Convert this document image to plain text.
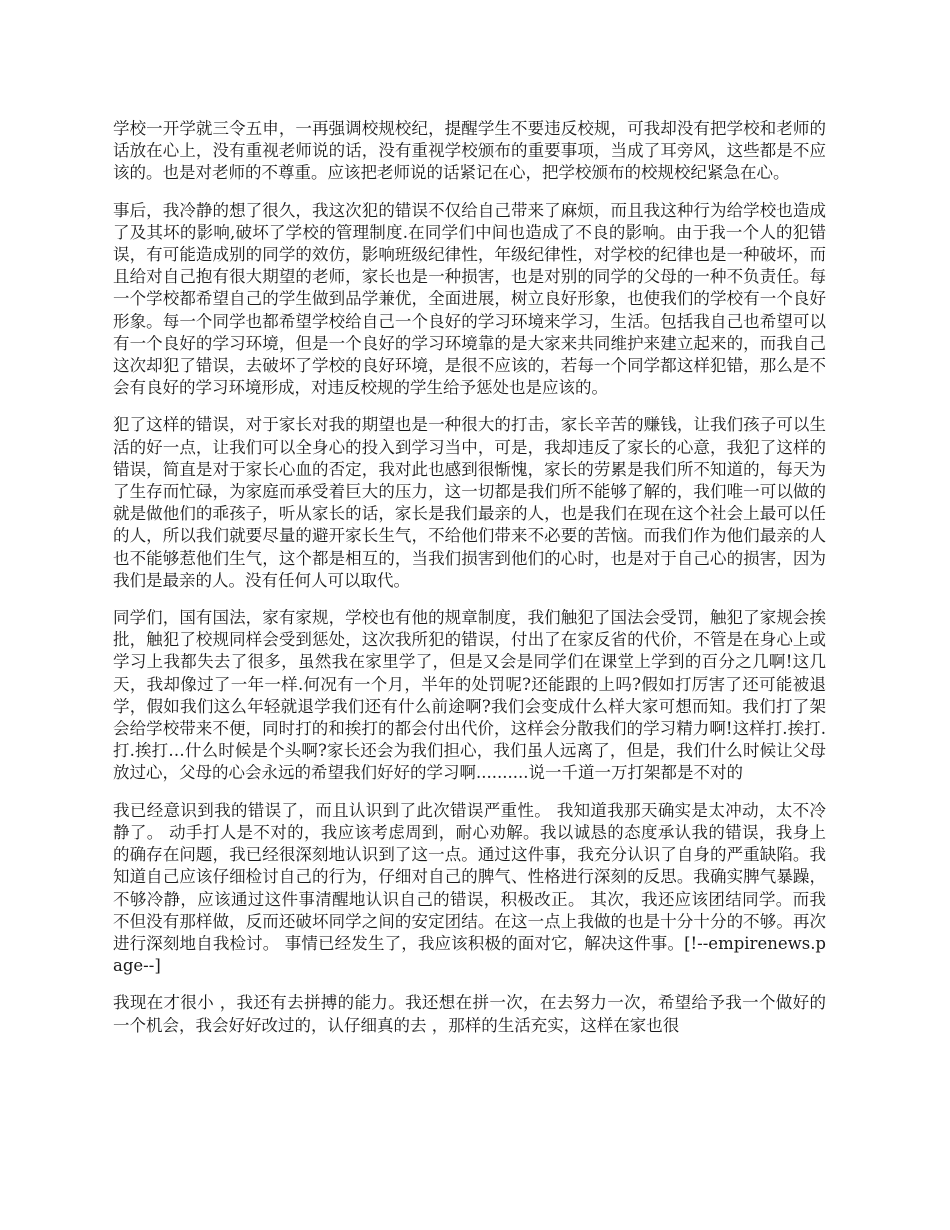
学校一开学就三令五申，一再强调校规校纪，提醒学生不要违反校规，可我却没有把学校和老师的话放在心上，没有重视老师说的话，没有重视学校颁布的重要事项，当成了耳旁风，这些都是不应该的。也是对老师的不尊重。应该把老师说的话紧记在心，把学校颁布的校规校纪紧急在心。

事后，我冷静的想了很久，我这次犯的错误不仅给自己带来了麻烦，而且我这种行为给学校也造成了及其坏的影响,破坏了学校的管理制度.在同学们中间也造成了不良的影响。由于我一个人的犯错误，有可能造成别的同学的效仿，影响班级纪律性，年级纪律性，对学校的纪律也是一种破坏，而且给对自己抱有很大期望的老师，家长也是一种损害，也是对别的同学的父母的一种不负责任。每一个学校都希望自己的学生做到品学兼优，全面进展，树立良好形象，也使我们的学校有一个良好形象。每一个同学也都希望学校给自己一个良好的学习环境来学习，生活。包括我自己也希望可以有一个良好的学习环境，但是一个良好的学习环境靠的是大家来共同维护来建立起来的，而我自己这次却犯了错误，去破坏了学校的良好环境，是很不应该的，若每一个同学都这样犯错，那么是不会有良好的学习环境形成，对违反校规的学生给予惩处也是应该的。

犯了这样的错误，对于家长对我的期望也是一种很大的打击，家长辛苦的赚钱，让我们孩子可以生活的好一点，让我们可以全身心的投入到学习当中，可是，我却违反了家长的心意，我犯了这样的错误，简直是对于家长心血的否定，我对此也感到很惭愧，家长的劳累是我们所不知道的，每天为了生存而忙碌，为家庭而承受着巨大的压力，这一切都是我们所不能够了解的，我们唯一可以做的就是做他们的乖孩子，听从家长的话，家长是我们最亲的人，也是我们在现在这个社会上最可以任的人，所以我们就要尽量的避开家长生气，不给他们带来不必要的苦恼。而我们作为他们最亲的人也不能够惹他们生气，这个都是相互的，当我们损害到他们的心时，也是对于自己心的损害，因为我们是最亲的人。没有任何人可以取代。

同学们，国有国法，家有家规，学校也有他的规章制度，我们触犯了国法会受罚，触犯了家规会挨批，触犯了校规同样会受到惩处，这次我所犯的错误，付出了在家反省的代价，不管是在身心上或学习上我都失去了很多，虽然我在家里学了，但是又会是同学们在课堂上学到的百分之几啊!这几天，我却像过了一年一样.何况有一个月，半年的处罚呢?还能跟的上吗?假如打厉害了还可能被退学，假如我们这么年轻就退学我们还有什么前途啊?我们会变成什么样大家可想而知。我们打了架会给学校带来不便，同时打的和挨打的都会付出代价，这样会分散我们的学习精力啊!这样打.挨打.打.挨打…什么时候是个头啊?家长还会为我们担心，我们虽人远离了，但是，我们什么时候让父母放过心，父母的心会永远的希望我们好好的学习啊..........说一千道一万打架都是不对的

我已经意识到我的错误了，而且认识到了此次错误严重性。 我知道我那天确实是太冲动，太不冷静了。 动手打人是不对的，我应该考虑周到，耐心劝解。我以诚恳的态度承认我的错误，我身上的确存在问题，我已经很深刻地认识到了这一点。通过这件事，我充分认识了自身的严重缺陷。我知道自己应该仔细检讨自己的行为，仔细对自己的脾气、性格进行深刻的反思。我确实脾气暴躁，不够冷静，应该通过这件事清醒地认识自己的错误，积极改正。 其次，我还应该团结同学。而我不但没有那样做，反而还破坏同学之间的安定团结。在这一点上我做的也是十分十分的不够。再次进行深刻地自我检讨。 事情已经发生了，我应该积极的面对它，解决这件事。[!--empirenews.page--]

我现在才很小 ，我还有去拼搏的能力。我还想在拼一次，在去努力一次，希望给予我一个做好的一个机会，我会好好改过的，认仔细真的去 ，那样的生活充实，这样在家也很
